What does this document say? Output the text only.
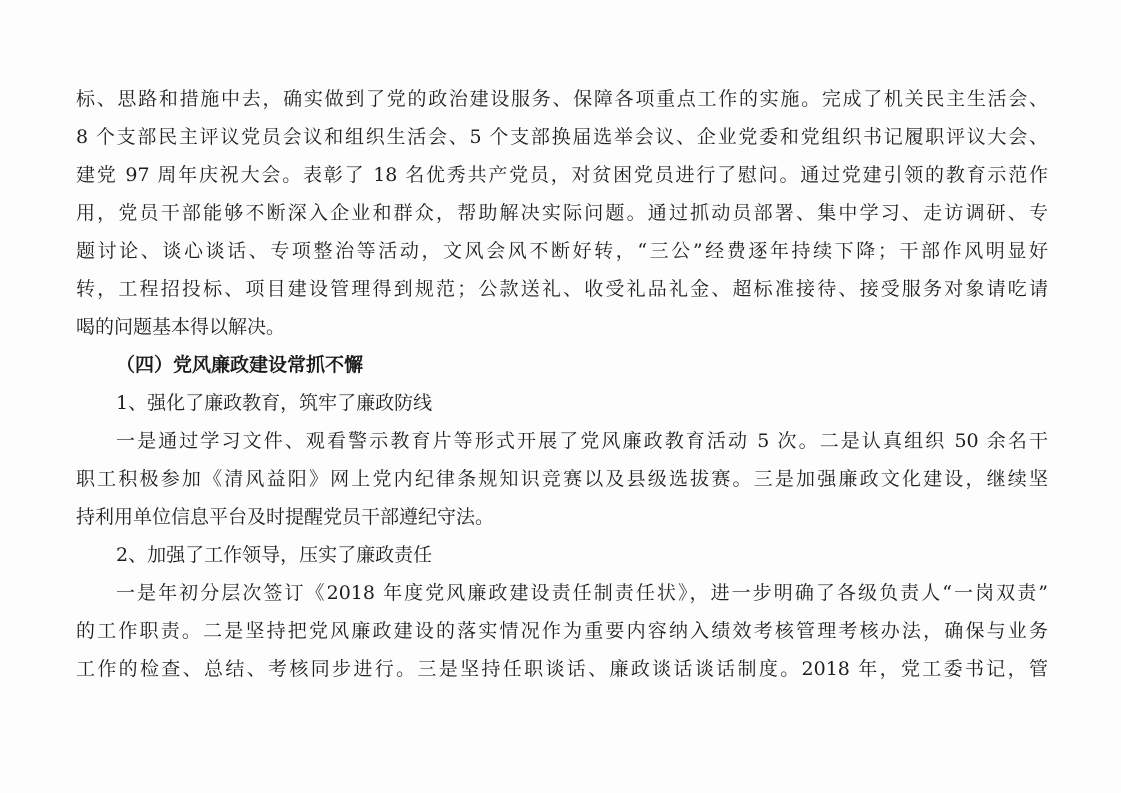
标、思路和措施中去，确实做到了党的政治建设服务、保障各项重点工作的实施。完成了机关民主生活会、
8 个支部民主评议党员会议和组织生活会、5 个支部换届选举会议、企业党委和党组织书记履职评议大会、
建党 97 周年庆祝大会。表彰了 18 名优秀共产党员，对贫困党员进行了慰问。通过党建引领的教育示范作
用，党员干部能够不断深入企业和群众，帮助解决实际问题。通过抓动员部署、集中学习、走访调研、专
题讨论、谈心谈话、专项整治等活动，文风会风不断好转，“三公”经费逐年持续下降；干部作风明显好
转，工程招投标、项目建设管理得到规范；公款送礼、收受礼品礼金、超标准接待、接受服务对象请吃请
喝的问题基本得以解决。
（四）党风廉政建设常抓不懈
1、强化了廉政教育，筑牢了廉政防线
一是通过学习文件、观看警示教育片等形式开展了党风廉政教育活动 5 次。二是认真组织 50 余名干
职工积极参加《清风益阳》网上党内纪律条规知识竞赛以及县级选拔赛。三是加强廉政文化建设，继续坚
持利用单位信息平台及时提醒党员干部遵纪守法。
2、加强了工作领导，压实了廉政责任
一是年初分层次签订《2018 年度党风廉政建设责任制责任状》，进一步明确了各级负责人“一岗双责”
的工作职责。二是坚持把党风廉政建设的落实情况作为重要内容纳入绩效考核管理考核办法，确保与业务
工作的检查、总结、考核同步进行。三是坚持任职谈话、廉政谈话谈话制度。2018 年，党工委书记，管
